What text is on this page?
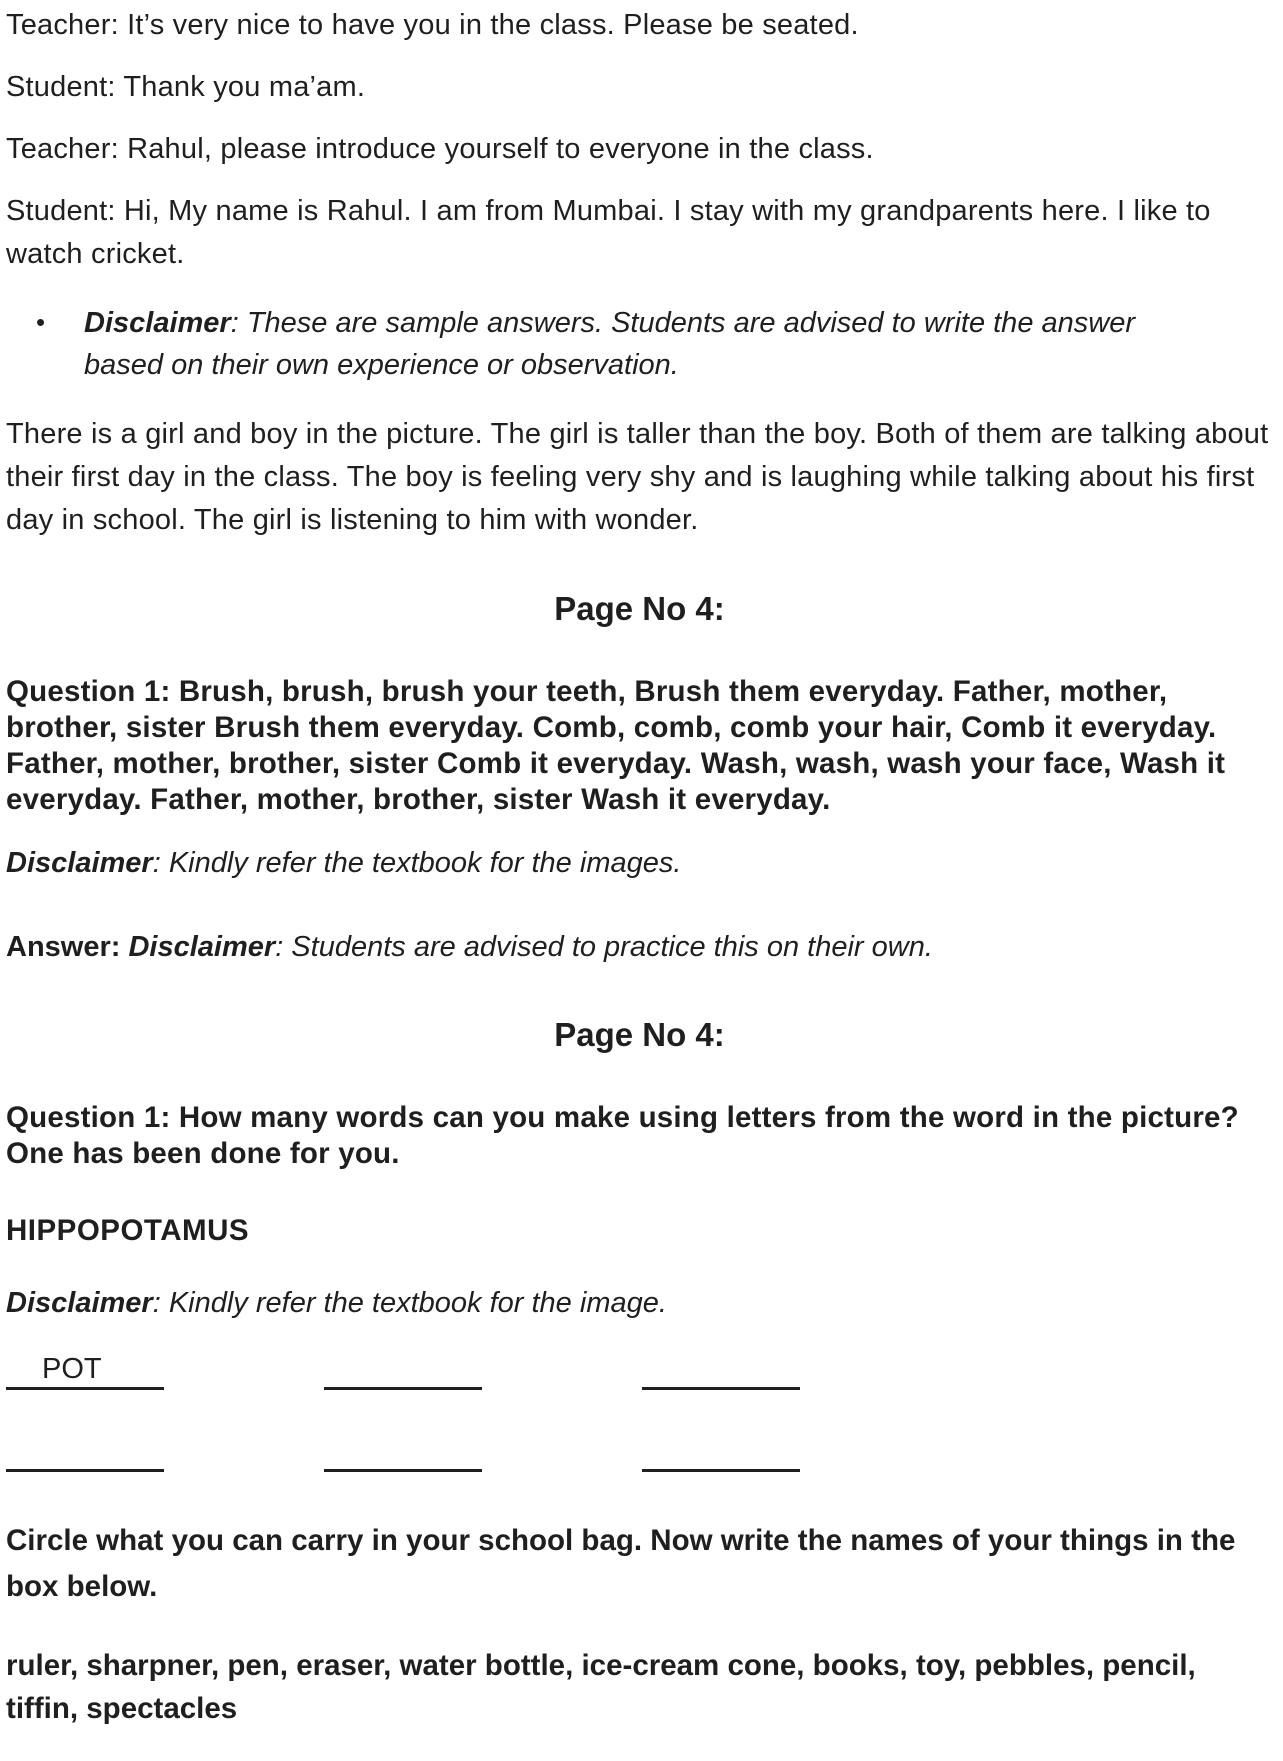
Teacher: It’s very nice to have you in the class. Please be seated.

Student: Thank you ma’am.

Teacher: Rahul, please introduce yourself to everyone in the class.

Student: Hi, My name is Rahul. I am from Mumbai. I stay with my grandparents here. I like to watch cricket.

•	Disclaimer: These are sample answers. Students are advised to write the answer based on their own experience or observation.

There is a girl and boy in the picture. The girl is taller than the boy. Both of them are talking about their first day in the class. The boy is feeling very shy and is laughing while talking about his first day in school. The girl is listening to him with wonder.

Page No 4:

Question 1: Brush, brush, brush your teeth, Brush them everyday. Father, mother, brother, sister Brush them everyday. Comb, comb, comb your hair, Comb it everyday. Father, mother, brother, sister Comb it everyday. Wash, wash, wash your face, Wash it everyday. Father, mother, brother, sister Wash it everyday.

Disclaimer: Kindly refer the textbook for the images.

Answer: Disclaimer: Students are advised to practice this on their own.

Page No 4:

Question 1: How many words can you make using letters from the word in the picture? One has been done for you.

HIPPOPOTAMUS

Disclaimer: Kindly refer the textbook for the image.

POT

Circle what you can carry in your school bag. Now write the names of your things in the box below.

ruler, sharpner, pen, eraser, water bottle, ice-cream cone, books, toy, pebbles, pencil, tiffin, spectacles
